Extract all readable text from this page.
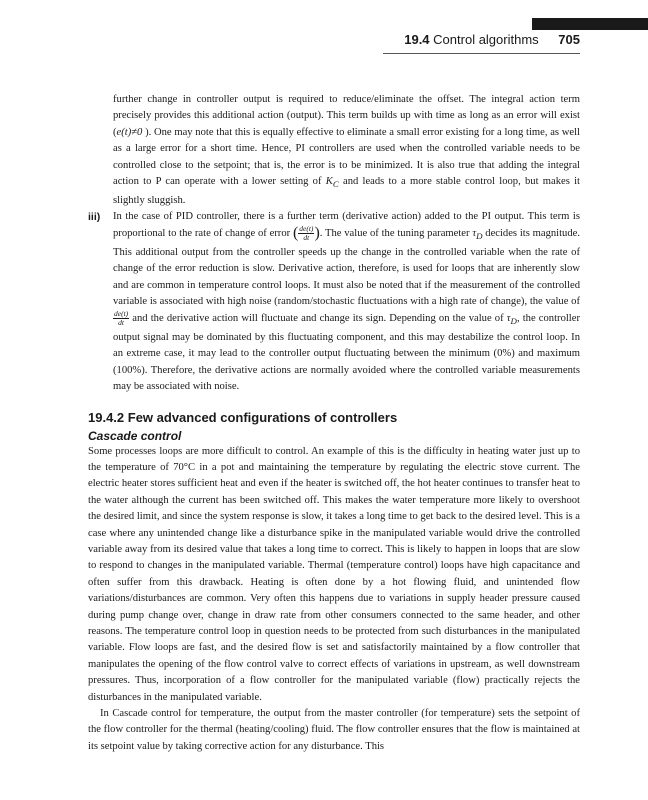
19.4 Control algorithms 705

further change in controller output is required to reduce/eliminate the offset. The integral action term precisely provides this additional action (output). This term builds up with time as long as an error will exist (e(t)≠0 ). One may note that this is equally effective to eliminate a small error existing for a long time, as well as a large error for a short time. Hence, PI controllers are used when the controlled variable needs to be controlled close to the setpoint; that is, the error is to be minimized. It is also true that adding the integral action to P can operate with a lower setting of $K_C$ and leads to a more stable control loop, but makes it slightly sluggish.

iii) In the case of PID controller, there is a further term (derivative action) added to the PI output. This term is proportional to the rate of change of error ( $\frac{de(t)}{dt}$ ). The value of the tuning parameter $\tau_D$ decides its magnitude. This additional output from the controller speeds up the change in the controlled variable when the rate of change of the error reduction is slow. Derivative action, therefore, is used for loops that are inherently slow and are common in temperature control loops. It must also be noted that if the measurement of the controlled variable is associated with high noise (random/stochastic fluctuations with a high rate of change), the value of
$\frac{de(t)}{dt}$ and the derivative action will fluctuate and change its sign. Depending on the value of $\tau_D$, the controller output signal may be dominated by this fluctuating component, and this may destabilize the control loop. In an extreme case, it may lead to the controller output fluctuating between the minimum (0%) and maximum (100%). Therefore, the derivative actions are normally avoided where the controlled variable measurements may be associated with noise.

19.4.2 Few advanced configurations of controllers
Cascade control

Some processes loops are more difficult to control. An example of this is the difficulty in heating water just up to the temperature of 70°C in a pot and maintaining the temperature by regulating the electric stove current. The electric heater stores sufficient heat and even if the heater is switched off, the hot heater continues to transfer heat to the water although the current has been switched off. This makes the water temperature more likely to overshoot the desired limit, and since the system response is slow, it takes a long time to get back to the desired level. This is a case where any unintended change like a disturbance spike in the manipulated variable would drive the controlled variable away from its desired value that takes a long time to correct. This is likely to happen in loops that are slow to respond to changes in the manipulated variable. Thermal (temperature control) loops have high capacitance and often suffer from this drawback. Heating is often done by a hot flowing fluid, and unintended flow variations/disturbances are common. Very often this happens due to variations in supply header pressure caused during pump change over, change in draw rate from other consumers connected to the same header, and other reasons. The temperature control loop in question needs to be protected from such disturbances in the manipulated variable. Flow loops are fast, and the desired flow is set and satisfactorily maintained by a flow controller that manipulates the opening of the flow control valve to correct effects of variations in upstream, as well downstream pressures. Thus, incorporation of a flow controller for the manipulated variable (flow) practically rejects the disturbances in the manipulated variable.

In Cascade control for temperature, the output from the master controller (for temperature) sets the setpoint of the flow controller for the thermal (heating/cooling) fluid. The flow controller ensures that the flow is maintained at its setpoint value by taking corrective action for any disturbance. This
